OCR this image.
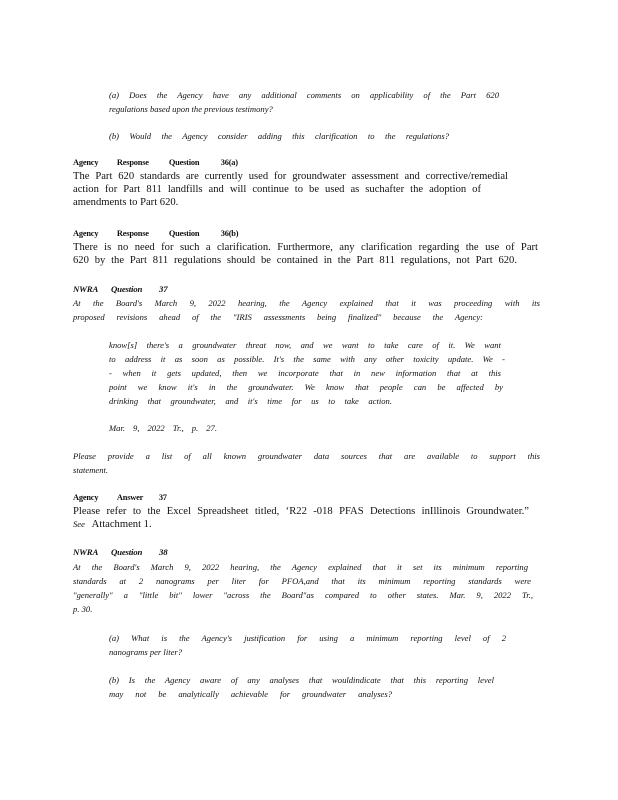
(a) Does the Agency have any additional comments on applicability of the Part 620
regulations based upon the previous testimony?
(b) Would the Agency consider adding this clarification to the regulations?
Agency Response Question	36(a)
The Part 620 standards are currently used for groundwater assessment and corrective/remedial
action for Part 811 landfills and will continue to be used as suchafter the adoption of
amendments to Part 620.
Agency Response Question	36(b)
There is no need for such a clarification. Furthermore, any clarification regarding the use of Part
620 by the Part 811 regulations should be contained in the Part 811 regulations, not Part 620.
NWRA Question 37
At the Board's March 9, 2022 hearing, the Agency explained that it was proceeding with its
proposed revisions ahead of the "IRIS assessments being finalized" because the Agency:
know[s] there's a groundwater threat now, and we want to take care of it. We want
to address it as soon as possible. It's the same with any other toxicity update. We -
- when it gets updated, then we incorporate that in new information that at this
point we know it's in the groundwater. We know that people can be affected by
drinking that groundwater, and it's time for us to take action.
Mar. 9, 2022 Tr., p. 27.
Please provide a list of all known groundwater data sources that are available to support this
statement.
Agency Answer 37
Please refer to the Excel Spreadsheet titled, ‘R22 -018 PFAS Detections inIllinois Groundwater.”
See Attachment 1.
NWRA Question 38
At the Board's March 9, 2022 hearing, the Agency explained that it set its minimum reporting
standards at 2 nanograms per liter for PFOA,and that its minimum reporting standards were
"generally" a "little bit" lower "across the Board"as compared to other states. Mar. 9, 2022 Tr.,
p. 30.
(a) What is the Agency's justification for using a minimum reporting level of 2
nanograms per liter?
(b) Is the Agency aware of any analyses that wouldindicate that this reporting level
may not be analytically achievable for groundwater analyses?
